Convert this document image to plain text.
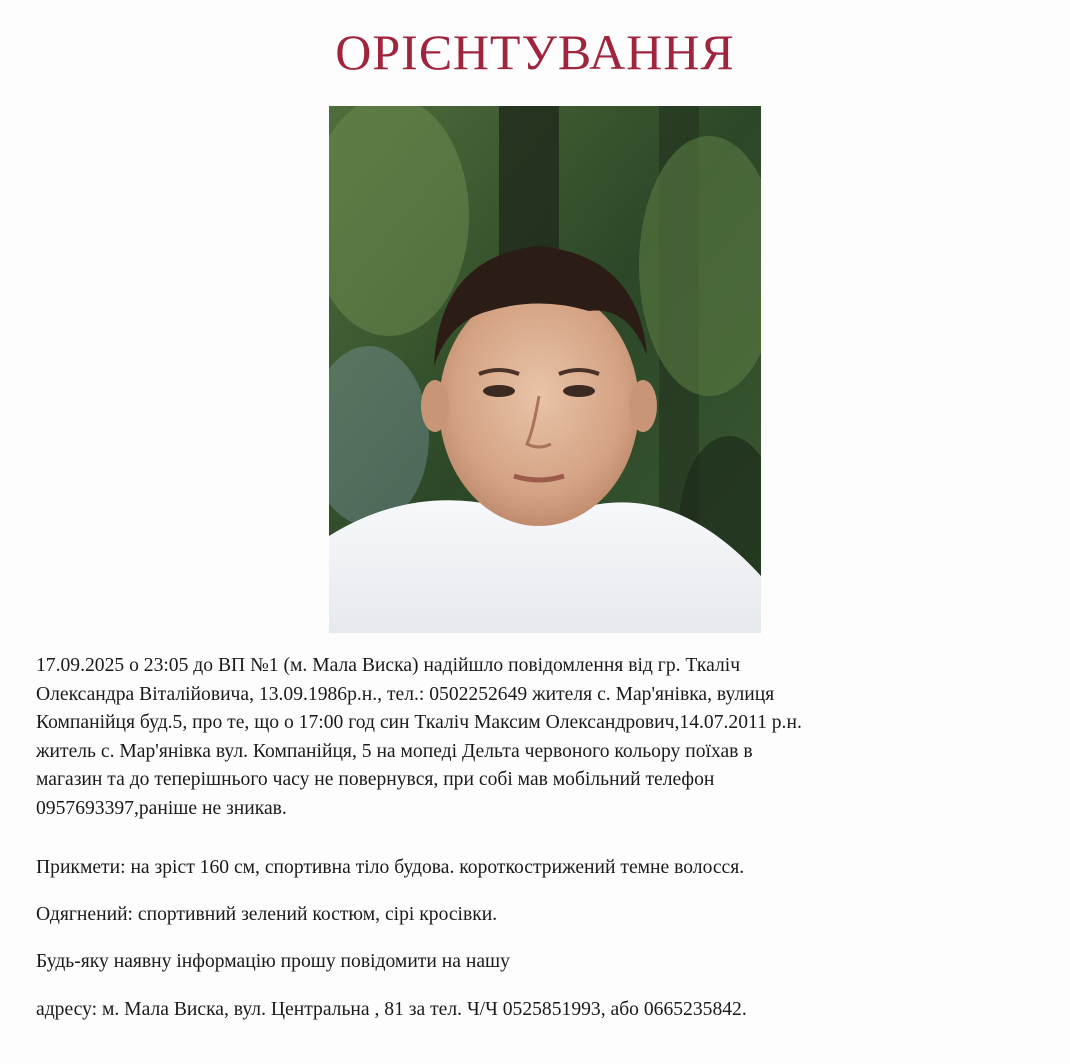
ОРІЄНТУВАННЯ
17.09.2025 о 23:05 до ВП №1 (м. Мала Виска) надійшло повідомлення від гр. Ткаліч
Олександра Віталійовича, 13.09.1986р.н., тел.: 0502252649 жителя с. Мар'янівка, вулиця
Компанійця буд.5, про те, що о 17:00 год син Ткаліч Максим Олександрович,14.07.2011 р.н.
житель с. Мар'янівка вул. Компанійця, 5 на мопеді Дельта червоного кольору поїхав в
магазин та до теперішнього часу не повернувся, при собі мав мобільний телефон
0957693397,раніше не зникав.
Прикмети: на зріст 160 см, спортивна тіло будова. короткострижений темне волосся.
Одягнений: спортивний зелений костюм, сірі кросівки.
Будь-яку наявну інформацію прошу повідомити на нашу
адресу: м. Мала Виска, вул. Центральна , 81 за тел. Ч/Ч 0525851993, або 0665235842.
